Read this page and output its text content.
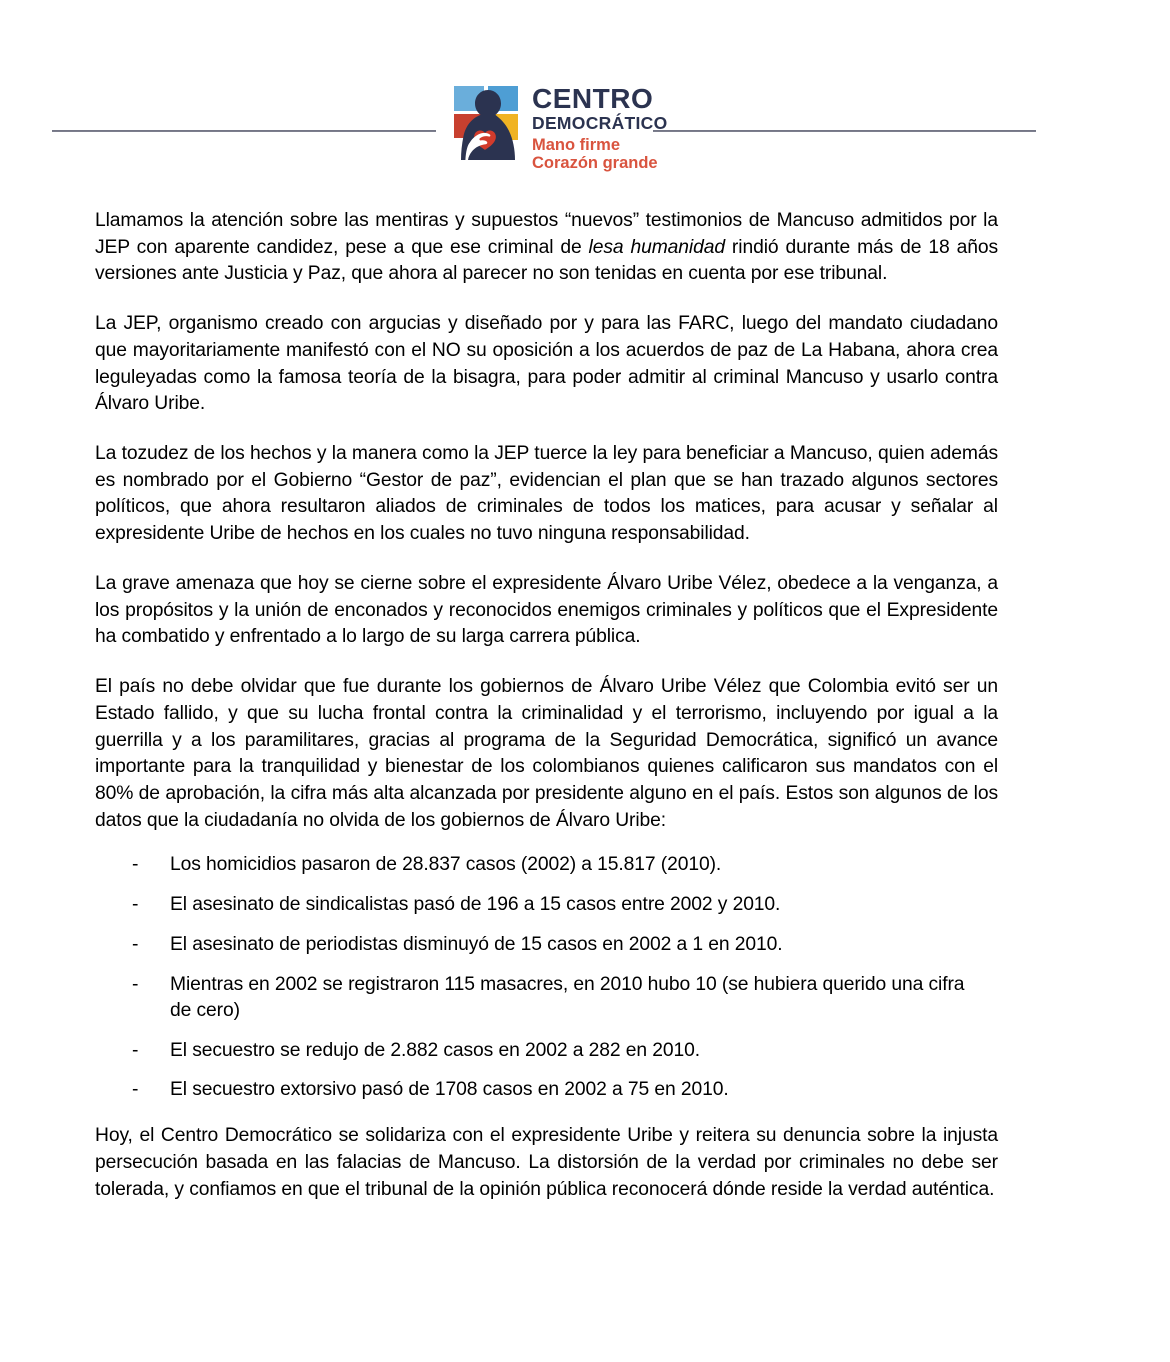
CENTRO
DEMOCRÁTICO
Mano firme
Corazón grande

Llamamos la atención sobre las mentiras y supuestos “nuevos” testimonios de Mancuso admitidos por la JEP con aparente candidez, pese a que ese criminal de lesa humanidad rindió durante más de 18 años versiones ante Justicia y Paz, que ahora al parecer no son tenidas en cuenta por ese tribunal.

La JEP, organismo creado con argucias y diseñado por y para las FARC, luego del mandato ciudadano que mayoritariamente manifestó con el NO su oposición a los acuerdos de paz de La Habana, ahora crea leguleyadas como la famosa teoría de la bisagra, para poder admitir al criminal Mancuso y usarlo contra Álvaro Uribe.

La tozudez de los hechos y la manera como la JEP tuerce la ley para beneficiar a Mancuso, quien además es nombrado por el Gobierno “Gestor de paz”, evidencian el plan que se han trazado algunos sectores políticos, que ahora resultaron aliados de criminales de todos los matices, para acusar y señalar al expresidente Uribe de hechos en los cuales no tuvo ninguna responsabilidad.

La grave amenaza que hoy se cierne sobre el expresidente Álvaro Uribe Vélez, obedece a la venganza, a los propósitos y la unión de enconados y reconocidos enemigos criminales y políticos que el Expresidente ha combatido y enfrentado a lo largo de su larga carrera pública.

El país no debe olvidar que fue durante los gobiernos de Álvaro Uribe Vélez que Colombia evitó ser un Estado fallido, y que su lucha frontal contra la criminalidad y el terrorismo, incluyendo por igual a la guerrilla y a los paramilitares, gracias al programa de la Seguridad Democrática, significó un avance importante para la tranquilidad y bienestar de los colombianos quienes calificaron sus mandatos con el 80% de aprobación, la cifra más alta alcanzada por presidente alguno en el país. Estos son algunos de los datos que la ciudadanía no olvida de los gobiernos de Álvaro Uribe:

- Los homicidios pasaron de 28.837 casos (2002) a 15.817 (2010).
- El asesinato de sindicalistas pasó de 196 a 15 casos entre 2002 y 2010.
- El asesinato de periodistas disminuyó de 15 casos en 2002 a 1 en 2010.
- Mientras en 2002 se registraron 115 masacres, en 2010 hubo 10 (se hubiera querido una cifra de cero)
- El secuestro se redujo de 2.882 casos en 2002 a 282 en 2010.
- El secuestro extorsivo pasó de 1708 casos en 2002 a 75 en 2010.

Hoy, el Centro Democrático se solidariza con el expresidente Uribe y reitera su denuncia sobre la injusta persecución basada en las falacias de Mancuso. La distorsión de la verdad por criminales no debe ser tolerada, y confiamos en que el tribunal de la opinión pública reconocerá dónde reside la verdad auténtica.
